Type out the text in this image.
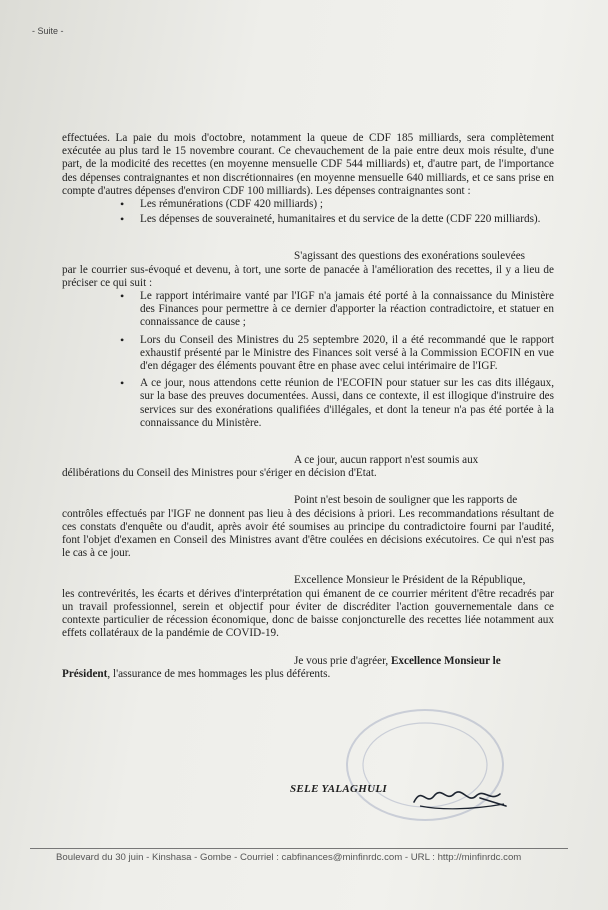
- Suite -

effectuées. La paie du mois d'octobre, notamment la queue de CDF 185 milliards, sera complètement exécutée au plus tard le 15 novembre courant. Ce chevauchement de la paie entre deux mois résulte, d'une part, de la modicité des recettes (en moyenne mensuelle CDF 544 milliards) et, d'autre part, de l'importance des dépenses contraignantes et non discrétionnaires (en moyenne mensuelle 640 milliards, et ce sans prise en compte d'autres dépenses d'environ CDF 100 milliards). Les dépenses contraignantes sont :

• Les rémunérations (CDF 420 milliards) ;
• Les dépenses de souveraineté, humanitaires et du service de la dette (CDF 220 milliards).

S'agissant des questions des exonérations soulevées
par le courrier sus-évoqué et devenu, à tort, une sorte de panacée à l'amélioration des recettes, il y a lieu de préciser ce qui suit :

• Le rapport intérimaire vanté par l'IGF n'a jamais été porté à la connaissance du Ministère des Finances pour permettre à ce dernier d'apporter la réaction contradictoire, et statuer en connaissance de cause ;
• Lors du Conseil des Ministres du 25 septembre 2020, il a été recommandé que le rapport exhaustif présenté par le Ministre des Finances soit versé à la Commission ECOFIN en vue d'en dégager des éléments pouvant être en phase avec celui intérimaire de l'IGF.
• A ce jour, nous attendons cette réunion de l'ECOFIN pour statuer sur les cas dits illégaux, sur la base des preuves documentées. Aussi, dans ce contexte, il est illogique d'instruire des services sur des exonérations qualifiées d'illégales, et dont la teneur n'a pas été portée à la connaissance du Ministère.

A ce jour, aucun rapport n'est soumis aux
délibérations du Conseil des Ministres pour s'ériger en décision d'Etat.

Point n'est besoin de souligner que les rapports de
contrôles effectués par l'IGF ne donnent pas lieu à des décisions à priori. Les recommandations résultant de ces constats d'enquête ou d'audit, après avoir été soumises au principe du contradictoire fourni par l'audité, font l'objet d'examen en Conseil des Ministres avant d'être coulées en décisions exécutoires. Ce qui n'est pas le cas à ce jour.

Excellence Monsieur le Président de la République,
les contrevérités, les écarts et dérives d'interprétation qui émanent de ce courrier méritent d'être recadrés par un travail professionnel, serein et objectif pour éviter de discréditer l'action gouvernementale dans ce contexte particulier de récession économique, donc de baisse conjoncturelle des recettes liée notamment aux effets collatéraux de la pandémie de COVID-19.

Je vous prie d'agréer, Excellence Monsieur le
Président, l'assurance de mes hommages les plus déférents.

SELE YALAGHULI
Boulevard du 30 juin - Kinshasa - Gombe - Courriel : cabfinances@minfinrdc.com - URL : http://minfinrdc.com
